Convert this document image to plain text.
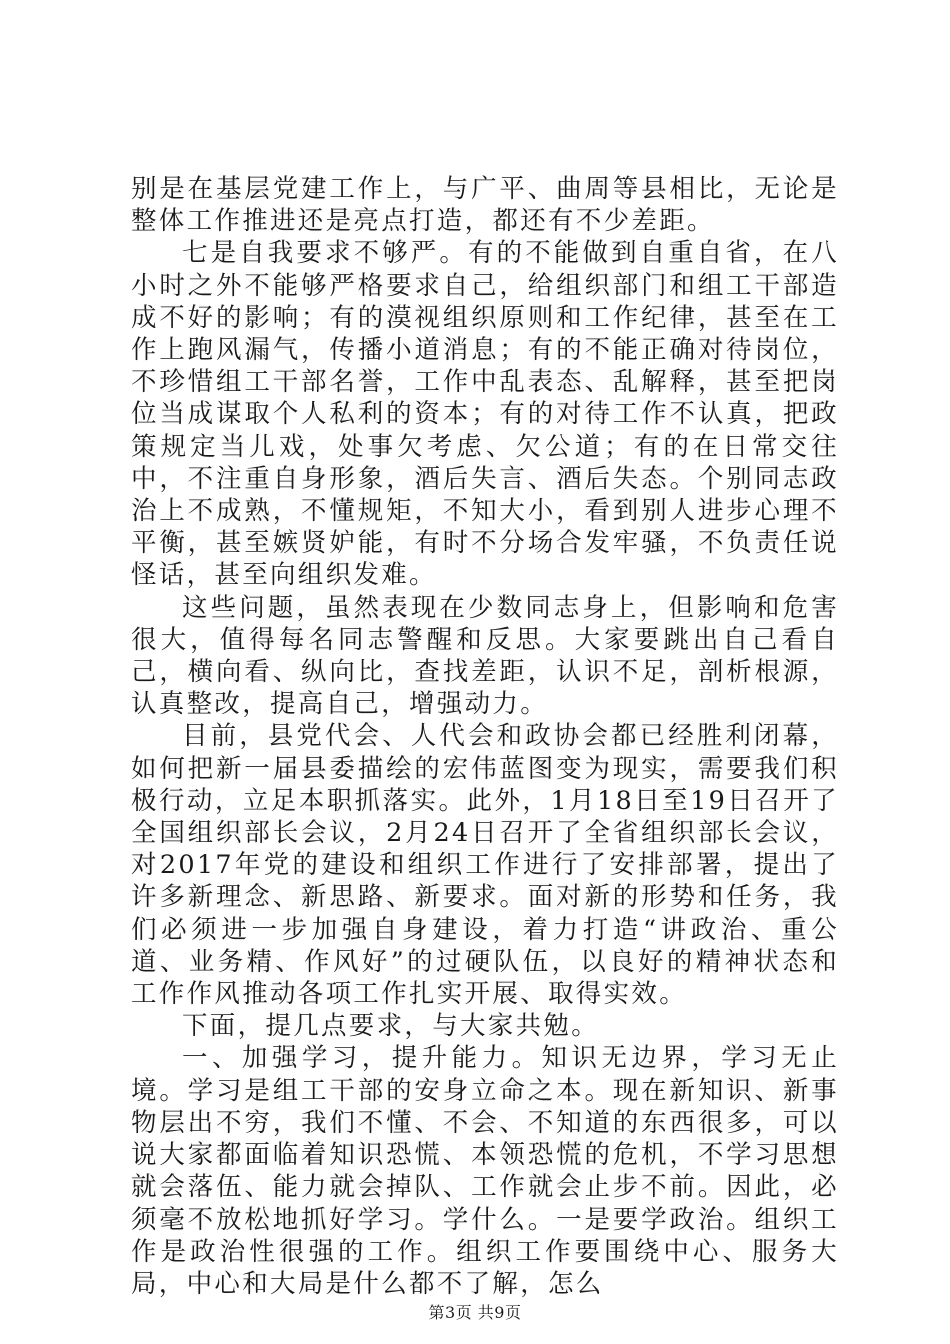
别是在基层党建工作上，与广平、曲周等县相比，无论是整体工作推进还是亮点打造，都还有不少差距。

七是自我要求不够严。有的不能做到自重自省，在八小时之外不能够严格要求自己，给组织部门和组工干部造成不好的影响；有的漠视组织原则和工作纪律，甚至在工作上跑风漏气，传播小道消息；有的不能正确对待岗位，不珍惜组工干部名誉，工作中乱表态、乱解释，甚至把岗位当成谋取个人私利的资本；有的对待工作不认真，把政策规定当儿戏，处事欠考虑、欠公道；有的在日常交往中，不注重自身形象，酒后失言、酒后失态。个别同志政治上不成熟，不懂规矩，不知大小，看到别人进步心理不平衡，甚至嫉贤妒能，有时不分场合发牢骚，不负责任说怪话，甚至向组织发难。

这些问题，虽然表现在少数同志身上，但影响和危害很大，值得每名同志警醒和反思。大家要跳出自己看自己，横向看、纵向比，查找差距，认识不足，剖析根源，认真整改，提高自己，增强动力。

目前，县党代会、人代会和政协会都已经胜利闭幕，如何把新一届县委描绘的宏伟蓝图变为现实，需要我们积极行动，立足本职抓落实。此外，1月18日至19日召开了全国组织部长会议，2月24日召开了全省组织部长会议，对2017年党的建设和组织工作进行了安排部署，提出了许多新理念、新思路、新要求。面对新的形势和任务，我们必须进一步加强自身建设，着力打造“讲政治、重公道、业务精、作风好”的过硬队伍，以良好的精神状态和工作作风推动各项工作扎实开展、取得实效。

下面，提几点要求，与大家共勉。

一、加强学习，提升能力。知识无边界，学习无止境。学习是组工干部的安身立命之本。现在新知识、新事物层出不穷，我们不懂、不会、不知道的东西很多，可以说大家都面临着知识恐慌、本领恐慌的危机，不学习思想就会落伍、能力就会掉队、工作就会止步不前。因此，必须毫不放松地抓好学习。学什么。一是要学政治。组织工作是政治性很强的工作。组织工作要围绕中心、服务大局，中心和大局是什么都不了解，怎么

第3页 共9页
